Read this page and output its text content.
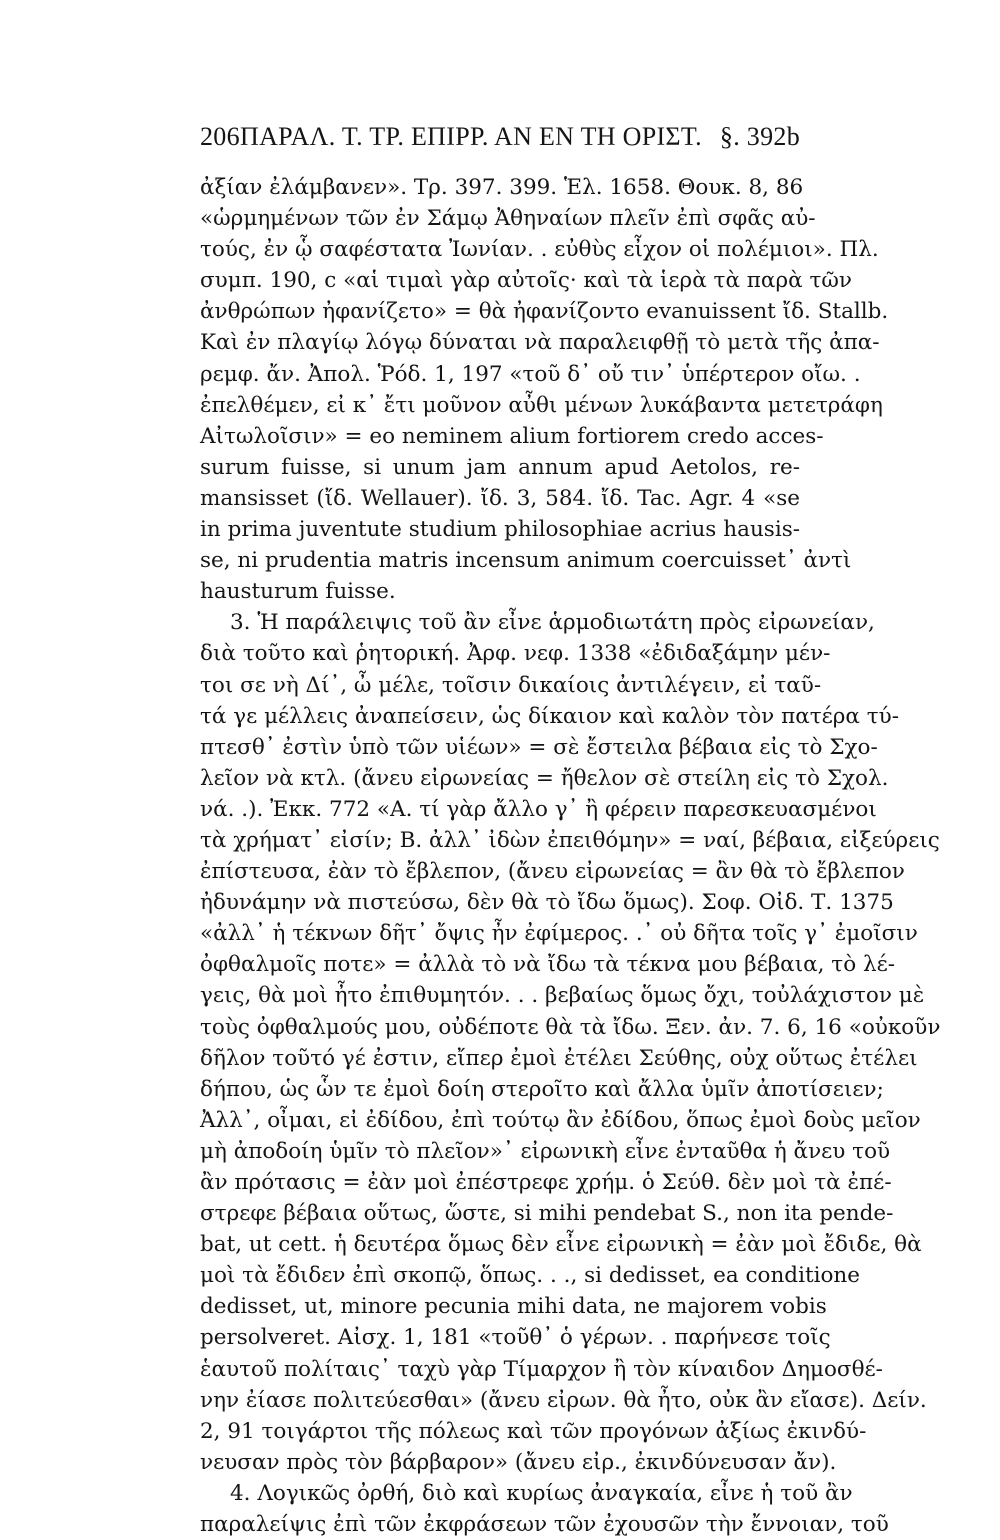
206 ΠΑΡΑΛ. Τ. ΤΡ. ΕΠΙΡΡ. ΑΝ ΕΝ ΤΗ ΟΡΙΣΤ. §. 392b
ἀξίαν ἐλάμβανεν». Τρ. 397. 399. Ἑλ. 1658. Θουκ. 8, 86
«ὡρμημένων τῶν ἐν Σάμῳ Ἀθηναίων πλεῖν ἐπὶ σφᾶς αὐ-
τούς, ἐν ᾧ σαφέστατα Ἰωνίαν. . εὐθὺς εἶχον οἱ πολέμιοι». Πλ.
συμπ. 190, c «αἱ τιμαὶ γὰρ αὐτοῖς· καὶ τὰ ἱερὰ τὰ παρὰ τῶν
ἀνθρώπων ἠφανίζετο» = θὰ ἠφανίζοντο evanuissent ἴδ. Stallb.
Καὶ ἐν πλαγίῳ λόγῳ δύναται νὰ παραλειφθῇ τὸ μετὰ τῆς ἀπα-
ρεμφ. ἄν. Ἀπολ. Ῥόδ. 1, 197 «τοῦ δ᾽ οὔ τιν᾽ ὑπέρτερον οἴω. .
ἐπελθέμεν, εἰ κ᾽ ἔτι μοῦνον αὖθι μένων λυκάβαντα μετετράφη
Αἰτωλοῖσιν» = eo neminem alium fortiorem credo acces-
surum fuisse, si unum jam annum apud Aetolos, re-
mansisset (ἴδ. Wellauer). ἴδ. 3, 584. ἴδ. Tac. Agr. 4 «se
in prima juventute studium philosophiae acrius hausis-
se, ni prudentia matris incensum animum coercuisset᾽ ἀντὶ
hausturum fuisse.
3. Ἡ παράλειψις τοῦ ἂν εἶνε ἁρμοδιωτάτη πρὸς εἰρωνείαν,
διὰ τοῦτο καὶ ῥητορική. Ἀρφ. νεφ. 1338 «ἐδιδαξάμην μέν-
τοι σε νὴ Δί᾽, ὦ μέλε, τοῖσιν δικαίοις ἀντιλέγειν, εἰ ταῦ-
τά γε μέλλεις ἀναπείσειν, ὡς δίκαιον καὶ καλὸν τὸν πατέρα τύ-
πτεσθ᾽ ἐστὶν ὑπὸ τῶν υἱέων» = σὲ ἔστειλα βέβαια εἰς τὸ Σχο-
λεῖον νὰ κτλ. (ἄνευ εἰρωνείας = ἤθελον σὲ στείλη εἰς τὸ Σχολ.
νά. .). Ἐκκ. 772 «Α. τί γὰρ ἄλλο γ᾽ ἢ φέρειν παρεσκευασμένοι
τὰ χρήματ᾽ εἰσίν; Β. ἀλλ᾽ ἰδὼν ἐπειθόμην» = ναί, βέβαια, εἰξεύρεις
ἐπίστευσα, ἐὰν τὸ ἔβλεπον, (ἄνευ εἰρωνείας = ἂν θὰ τὸ ἔβλεπον
ἠδυνάμην νὰ πιστεύσω, δὲν θὰ τὸ ἴδω ὅμως). Σοφ. Οἰδ. Τ. 1375
«ἀλλ᾽ ἡ τέκνων δῆτ᾽ ὄψις ἦν ἐφίμερος. .᾽ οὐ δῆτα τοῖς γ᾽ ἐμοῖσιν
ὀφθαλμοῖς ποτε» = ἀλλὰ τὸ νὰ ἴδω τὰ τέκνα μου βέβαια, τὸ λέ-
γεις, θὰ μοὶ ἦτο ἐπιθυμητόν. . . βεβαίως ὅμως ὄχι, τοὐλάχιστον μὲ
τοὺς ὀφθαλμούς μου, οὐδέποτε θὰ τὰ ἴδω. Ξεν. ἀν. 7. 6, 16 «οὐκοῦν
δῆλον τοῦτό γέ ἐστιν, εἴπερ ἐμοὶ ἐτέλει Σεύθης, οὐχ οὕτως ἐτέλει
δήπου, ὡς ὧν τε ἐμοὶ δοίη στεροῖτο καὶ ἄλλα ὑμῖν ἀποτίσειεν;
Ἀλλ᾽, οἶμαι, εἰ ἐδίδου, ἐπὶ τούτῳ ἂν ἐδίδου, ὅπως ἐμοὶ δοὺς μεῖον
μὴ ἀποδοίη ὑμῖν τὸ πλεῖον»᾽ εἰρωνικὴ εἶνε ἐνταῦθα ἡ ἄνευ τοῦ
ἂν πρότασις = ἐὰν μοὶ ἐπέστρεφε χρήμ. ὁ Σεύθ. δὲν μοὶ τὰ ἐπέ-
στρεφε βέβαια οὕτως, ὥστε, si mihi pendebat S., non ita pende-
bat, ut cett. ἡ δευτέρα ὅμως δὲν εἶνε εἰρωνικὴ = ἐὰν μοὶ ἔδιδε, θὰ
μοὶ τὰ ἔδιδεν ἐπὶ σκοπῷ, ὅπως. . ., si dedisset, ea conditione
dedisset, ut, minore pecunia mihi data, ne majorem vobis
persolveret. Αἰσχ. 1, 181 «τοῦθ᾽ ὁ γέρων. . παρήνεσε τοῖς
ἑαυτοῦ πολίταις᾽ ταχὺ γὰρ Τίμαρχον ἢ τὸν κίναιδον Δημοσθέ-
νην ἐίασε πολιτεύεσθαι» (ἄνευ εἰρων. θὰ ἦτο, οὐκ ἂν εἴασε). Δείν.
2, 91 τοιγάρτοι τῆς πόλεως καὶ τῶν προγόνων ἀξίως ἐκινδύ-
νευσαν πρὸς τὸν βάρβαρον» (ἄνευ εἰρ., ἐκινδύνευσαν ἄν).
4. Λογικῶς ὀρθή, διὸ καὶ κυρίως ἀναγκαία, εἶνε ἡ τοῦ ἂν
παραλείψις ἐπὶ τῶν ἐκφράσεων τῶν ἐχουσῶν τὴν ἔννοιαν, τοῦ
